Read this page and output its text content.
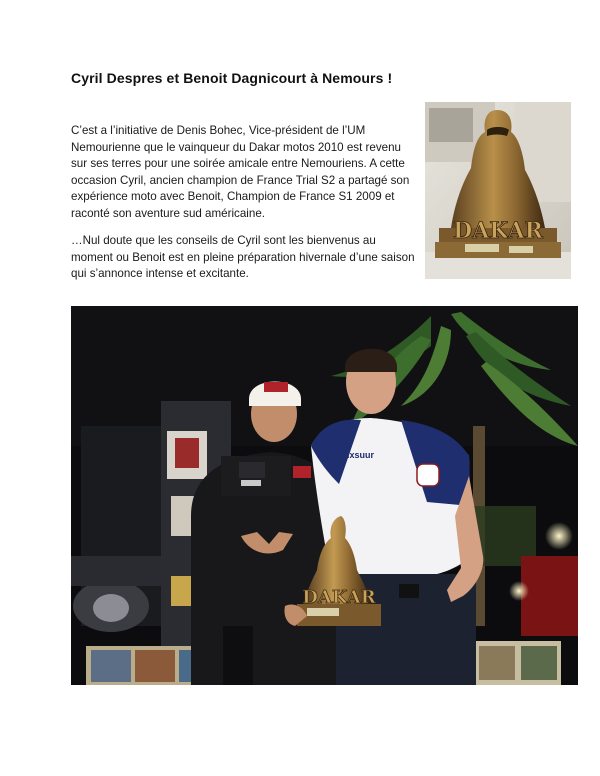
Cyril Despres et Benoit Dagnicourt à Nemours !
C’est a l’initiative de Denis Bohec, Vice-président de l’UM Nemourienne que le vainqueur du Dakar motos 2010 est revenu sur ses terres pour une soirée amicale entre Nemouriens. A cette occasion Cyril, ancien champion de France Trial S2 a partagé son expérience moto avec Benoit, Champion de France S1 2009 et raconté son aventure sud américaine.
…Nul doute que les conseils de Cyril sont les bienvenus au moment ou Benoit est en pleine préparation hivernale d’une saison qui s’annonce intense et excitante.
DAKAR
Sixsuur
DAKAR
